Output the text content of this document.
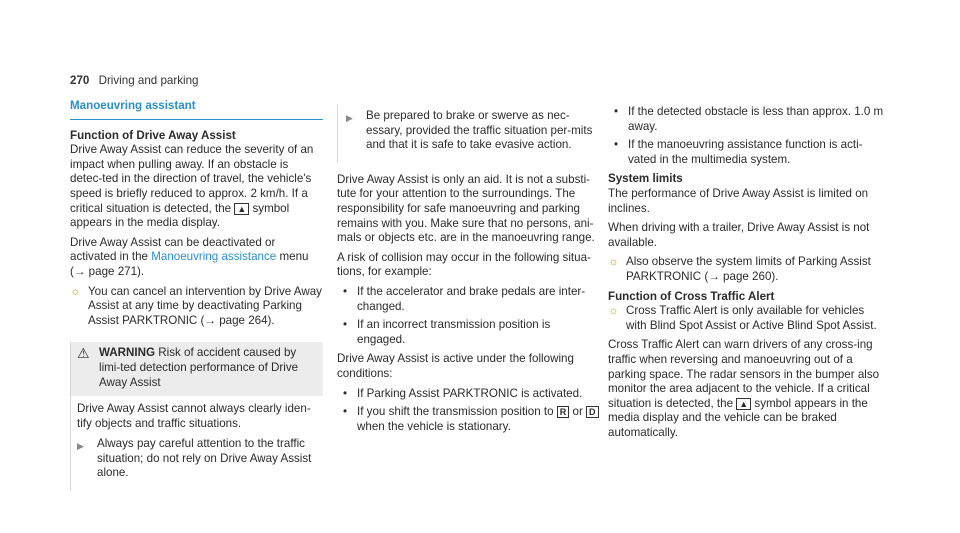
270 Driving and parking
Manoeuvring assistant
Function of Drive Away Assist

Drive Away Assist can reduce the severity of an impact when pulling away. If an obstacle is detec-ted in the direction of travel, the vehicle's speed is briefly reduced to approx. 2 km/h. If a critical situation is detected, the ▲ symbol appears in the media display.

Drive Away Assist can be deactivated or activated in the Manoeuvring assistance menu (→ page 271).

☼ You can cancel an intervention by Drive Away Assist at any time by deactivating Parking Assist PARKTRONIC (→ page 264).
⚠ WARNING Risk of accident caused by limi-ted detection performance of Drive Away Assist
Drive Away Assist cannot always clearly iden-tify objects and traffic situations.
▶	Always pay careful attention to the traffic situation; do not rely on Drive Away Assist alone.
▶	Be prepared to brake or swerve as nec-essary, provided the traffic situation per-mits and that it is safe to take evasive action.

Drive Away Assist is only an aid. It is not a substi-tute for your attention to the surroundings. The responsibility for safe manoeuvring and parking remains with you. Make sure that no persons, ani-mals or objects etc. are in the manoeuvring range.

A risk of collision may occur in the following situa-tions, for example:

• If the accelerator and brake pedals are inter-changed.
• If an incorrect transmission position is engaged.

Drive Away Assist is active under the following conditions:

• If Parking Assist PARKTRONIC is activated.
• If you shift the transmission position to R or D when the vehicle is stationary.
• If the detected obstacle is less than approx. 1.0 m away.
• If the manoeuvring assistance function is acti-vated in the multimedia system.
System limits

The performance of Drive Away Assist is limited on inclines.

When driving with a trailer, Drive Away Assist is not available.

☼ Also observe the system limits of Parking Assist PARKTRONIC (→ page 260).
Function of Cross Traffic Alert
☼ Cross Traffic Alert is only available for vehicles with Blind Spot Assist or Active Blind Spot Assist.

Cross Traffic Alert can warn drivers of any cross-ing traffic when reversing and manoeuvring out of a parking space. The radar sensors in the bumper also monitor the area adjacent to the vehicle. If a critical situation is detected, the ▲ symbol appears in the media display and the vehicle can be braked automatically.
